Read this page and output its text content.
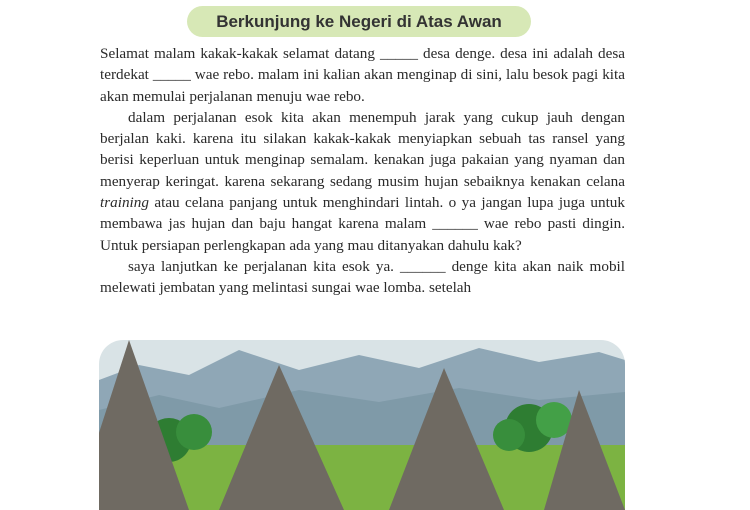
Berkunjung ke Negeri di Atas Awan

Selamat malam kakak-kakak selamat datang _____ desa denge. desa ini adalah desa terdekat _____ wae rebo. malam ini kalian akan menginap di sini, lalu besok pagi kita akan memulai perjalanan menuju wae rebo.

dalam perjalanan esok kita akan menempuh jarak yang cukup jauh dengan berjalan kaki. karena itu silakan kakak-kakak menyiapkan sebuah tas ransel yang berisi keperluan untuk menginap semalam. kenakan juga pakaian yang nyaman dan menyerap keringat. karena sekarang sedang musim hujan sebaiknya kenakan celana training atau celana panjang untuk menghindari lintah. o ya jangan lupa juga untuk membawa jas hujan dan baju hangat karena malam ______ wae rebo pasti dingin. Untuk persiapan perlengkapan ada yang mau ditanyakan dahulu kak?

saya lanjutkan ke perjalanan kita esok ya. ______ denge kita akan naik mobil melewati jembatan yang melintasi sungai wae lomba. setelah
